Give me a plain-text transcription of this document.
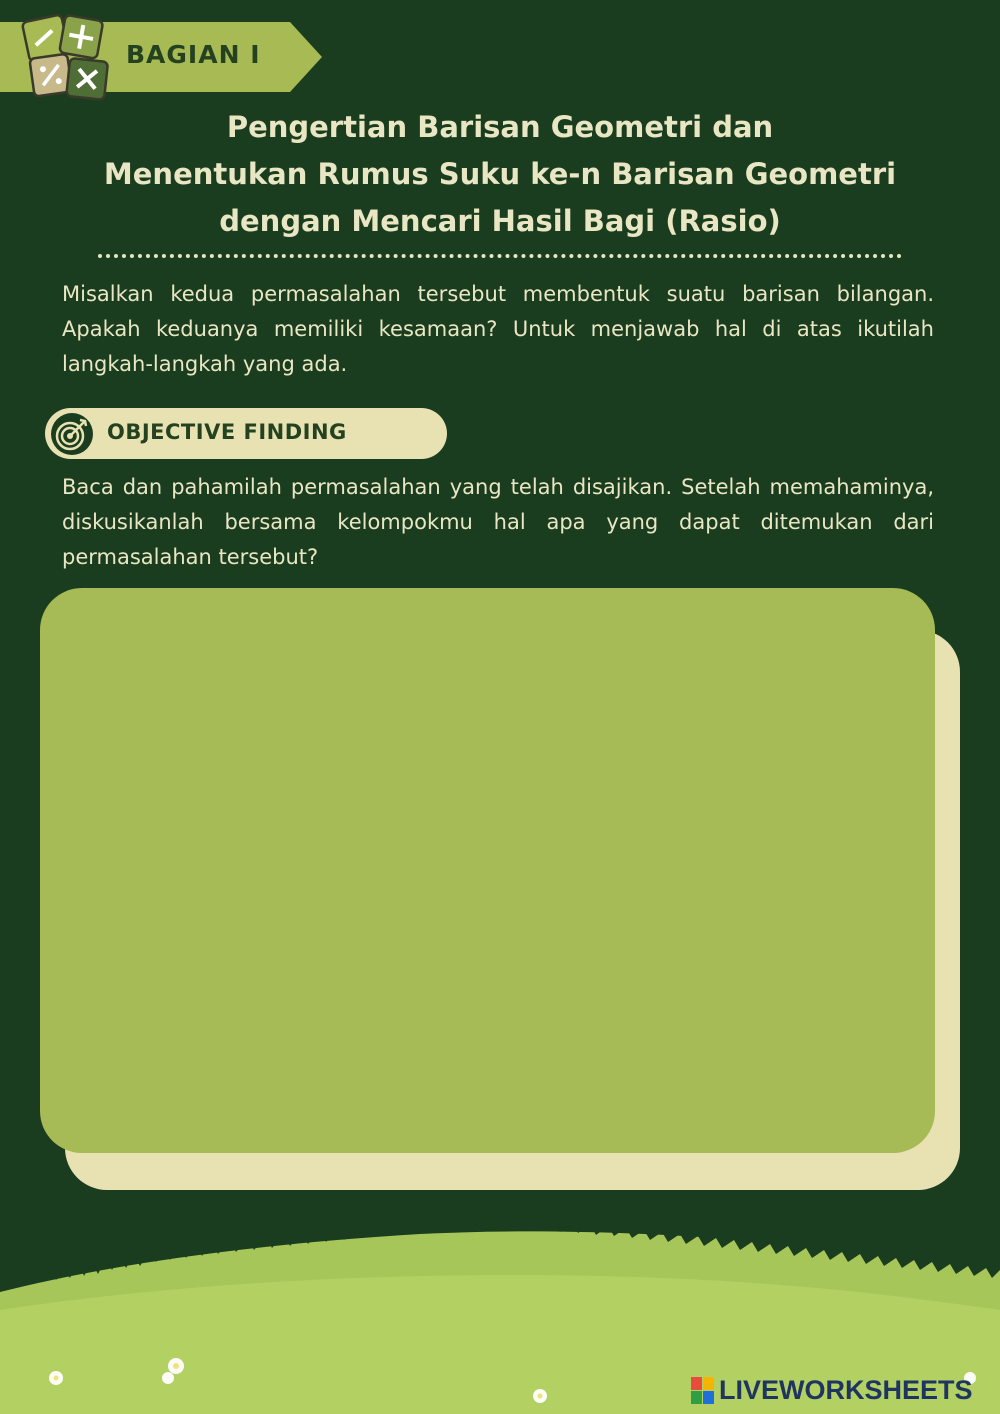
BAGIAN I
Pengertian Barisan Geometri dan
Menentukan Rumus Suku ke-n Barisan Geometri
dengan Mencari Hasil Bagi (Rasio)

Misalkan kedua permasalahan tersebut membentuk suatu barisan bilangan. Apakah keduanya memiliki kesamaan? Untuk menjawab hal di atas ikutilah langkah-langkah yang ada.

OBJECTIVE FINDING

Baca dan pahamilah permasalahan yang telah disajikan. Setelah memahaminya, diskusikanlah bersama kelompokmu hal apa yang dapat ditemukan dari permasalahan tersebut?

LIVEWORKSHEETS
